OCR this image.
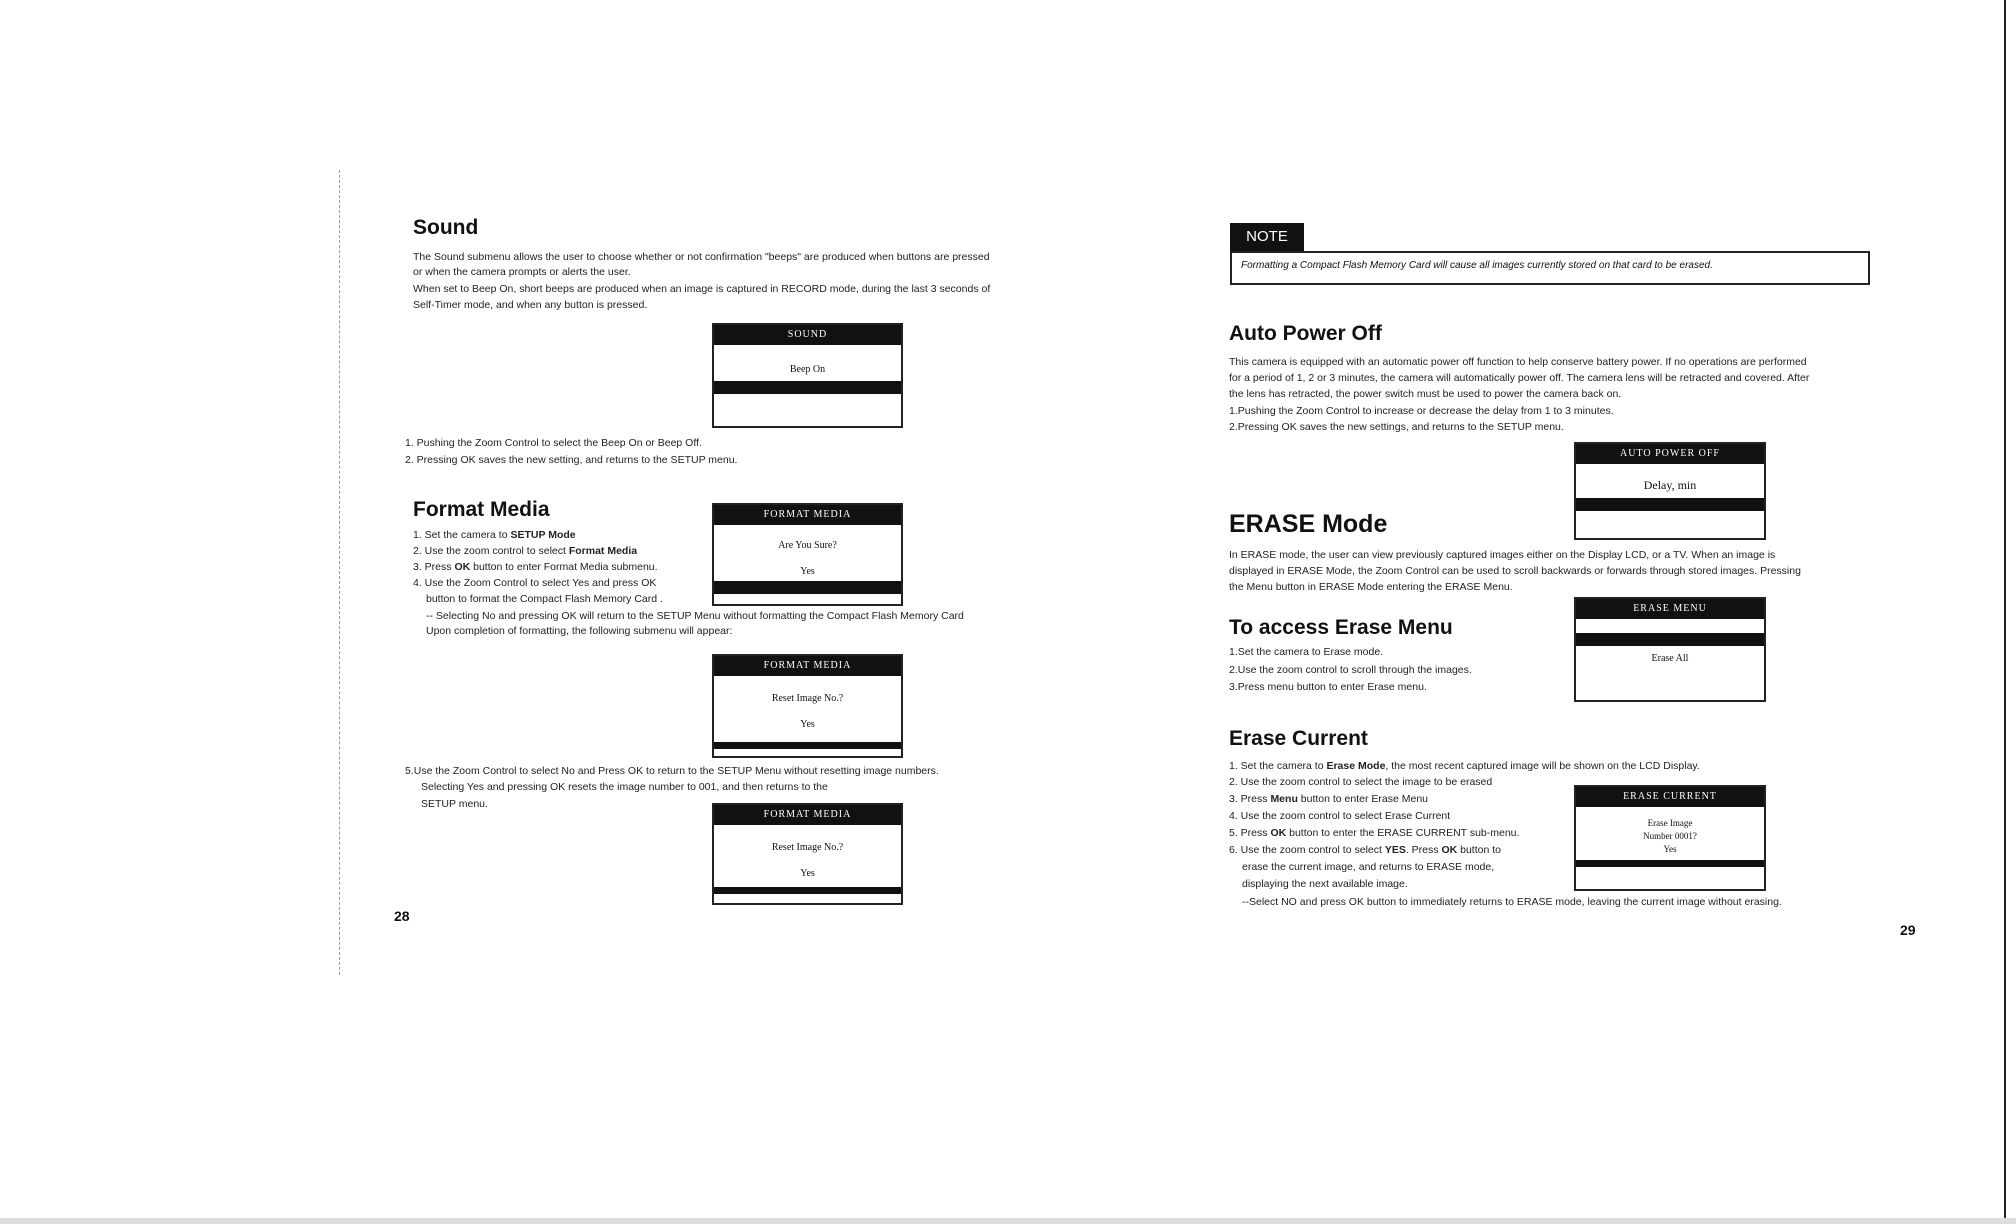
Sound
The Sound submenu allows the user to choose whether or not confirmation "beeps" are produced when buttons are pressed
or when the camera prompts or alerts the user.
When set to Beep On, short beeps are produced when an image is captured in RECORD mode, during the last 3 seconds of
Self-Timer mode, and when any button is pressed.
SOUND
Beep On
1. Pushing the Zoom Control to select the Beep On or Beep Off.
2. Pressing OK saves the new setting, and returns to the SETUP menu.
Format Media
1. Set the camera to SETUP Mode
2. Use the zoom control to select Format Media
3. Press OK button to enter Format Media submenu.
4. Use the Zoom Control to select Yes and press OK
button to format the Compact Flash Memory Card .
-- Selecting No and pressing OK will return to the SETUP Menu without formatting the Compact Flash Memory Card
Upon completion of formatting, the following submenu will appear:
FORMAT MEDIA
Are You Sure?
Yes
FORMAT MEDIA
Reset Image No.?
Yes
5.Use the Zoom Control to select No and Press OK to return to the SETUP Menu without resetting image numbers.
Selecting Yes and pressing OK resets the image number to 001, and then returns to the
SETUP menu.
FORMAT MEDIA
Reset Image No.?
Yes
28
NOTE
Formatting a Compact Flash Memory Card will cause all images currently stored on that card to be erased.
Auto Power Off
This camera is equipped with an automatic power off function to help conserve battery power. If no operations are performed
for a period of 1, 2 or 3 minutes, the camera will automatically power off. The camera lens will be retracted and covered. After
the lens has retracted, the power switch must be used to power the camera back on.
1.Pushing the Zoom Control to increase or decrease the delay from 1 to 3 minutes.
2.Pressing OK saves the new settings, and returns to the SETUP menu.
AUTO POWER OFF
Delay, min
ERASE Mode
In ERASE mode, the user can view previously captured images either on the Display LCD, or a TV. When an image is
displayed in ERASE Mode, the Zoom Control can be used to scroll backwards or forwards through stored images. Pressing
the Menu button in ERASE Mode entering the ERASE Menu.
To access Erase Menu
1.Set the camera to Erase mode.
2.Use the zoom control to scroll through the images.
3.Press menu button to enter Erase menu.
ERASE MENU
Erase All
Erase Current
1. Set the camera to Erase Mode, the most recent captured image will be shown on the LCD Display.
2. Use the zoom control to select the image to be erased
3. Press Menu button to enter Erase Menu
4. Use the zoom control to select Erase Current
5. Press OK button to enter the ERASE CURRENT sub-menu.
6. Use the zoom control to select YES. Press OK button to
erase the current image, and returns to ERASE mode,
displaying the next available image.
--Select NO and press OK button to immediately returns to ERASE mode, leaving the current image without erasing.
ERASE CURRENT
Erase Image
Number 0001?
Yes
29
